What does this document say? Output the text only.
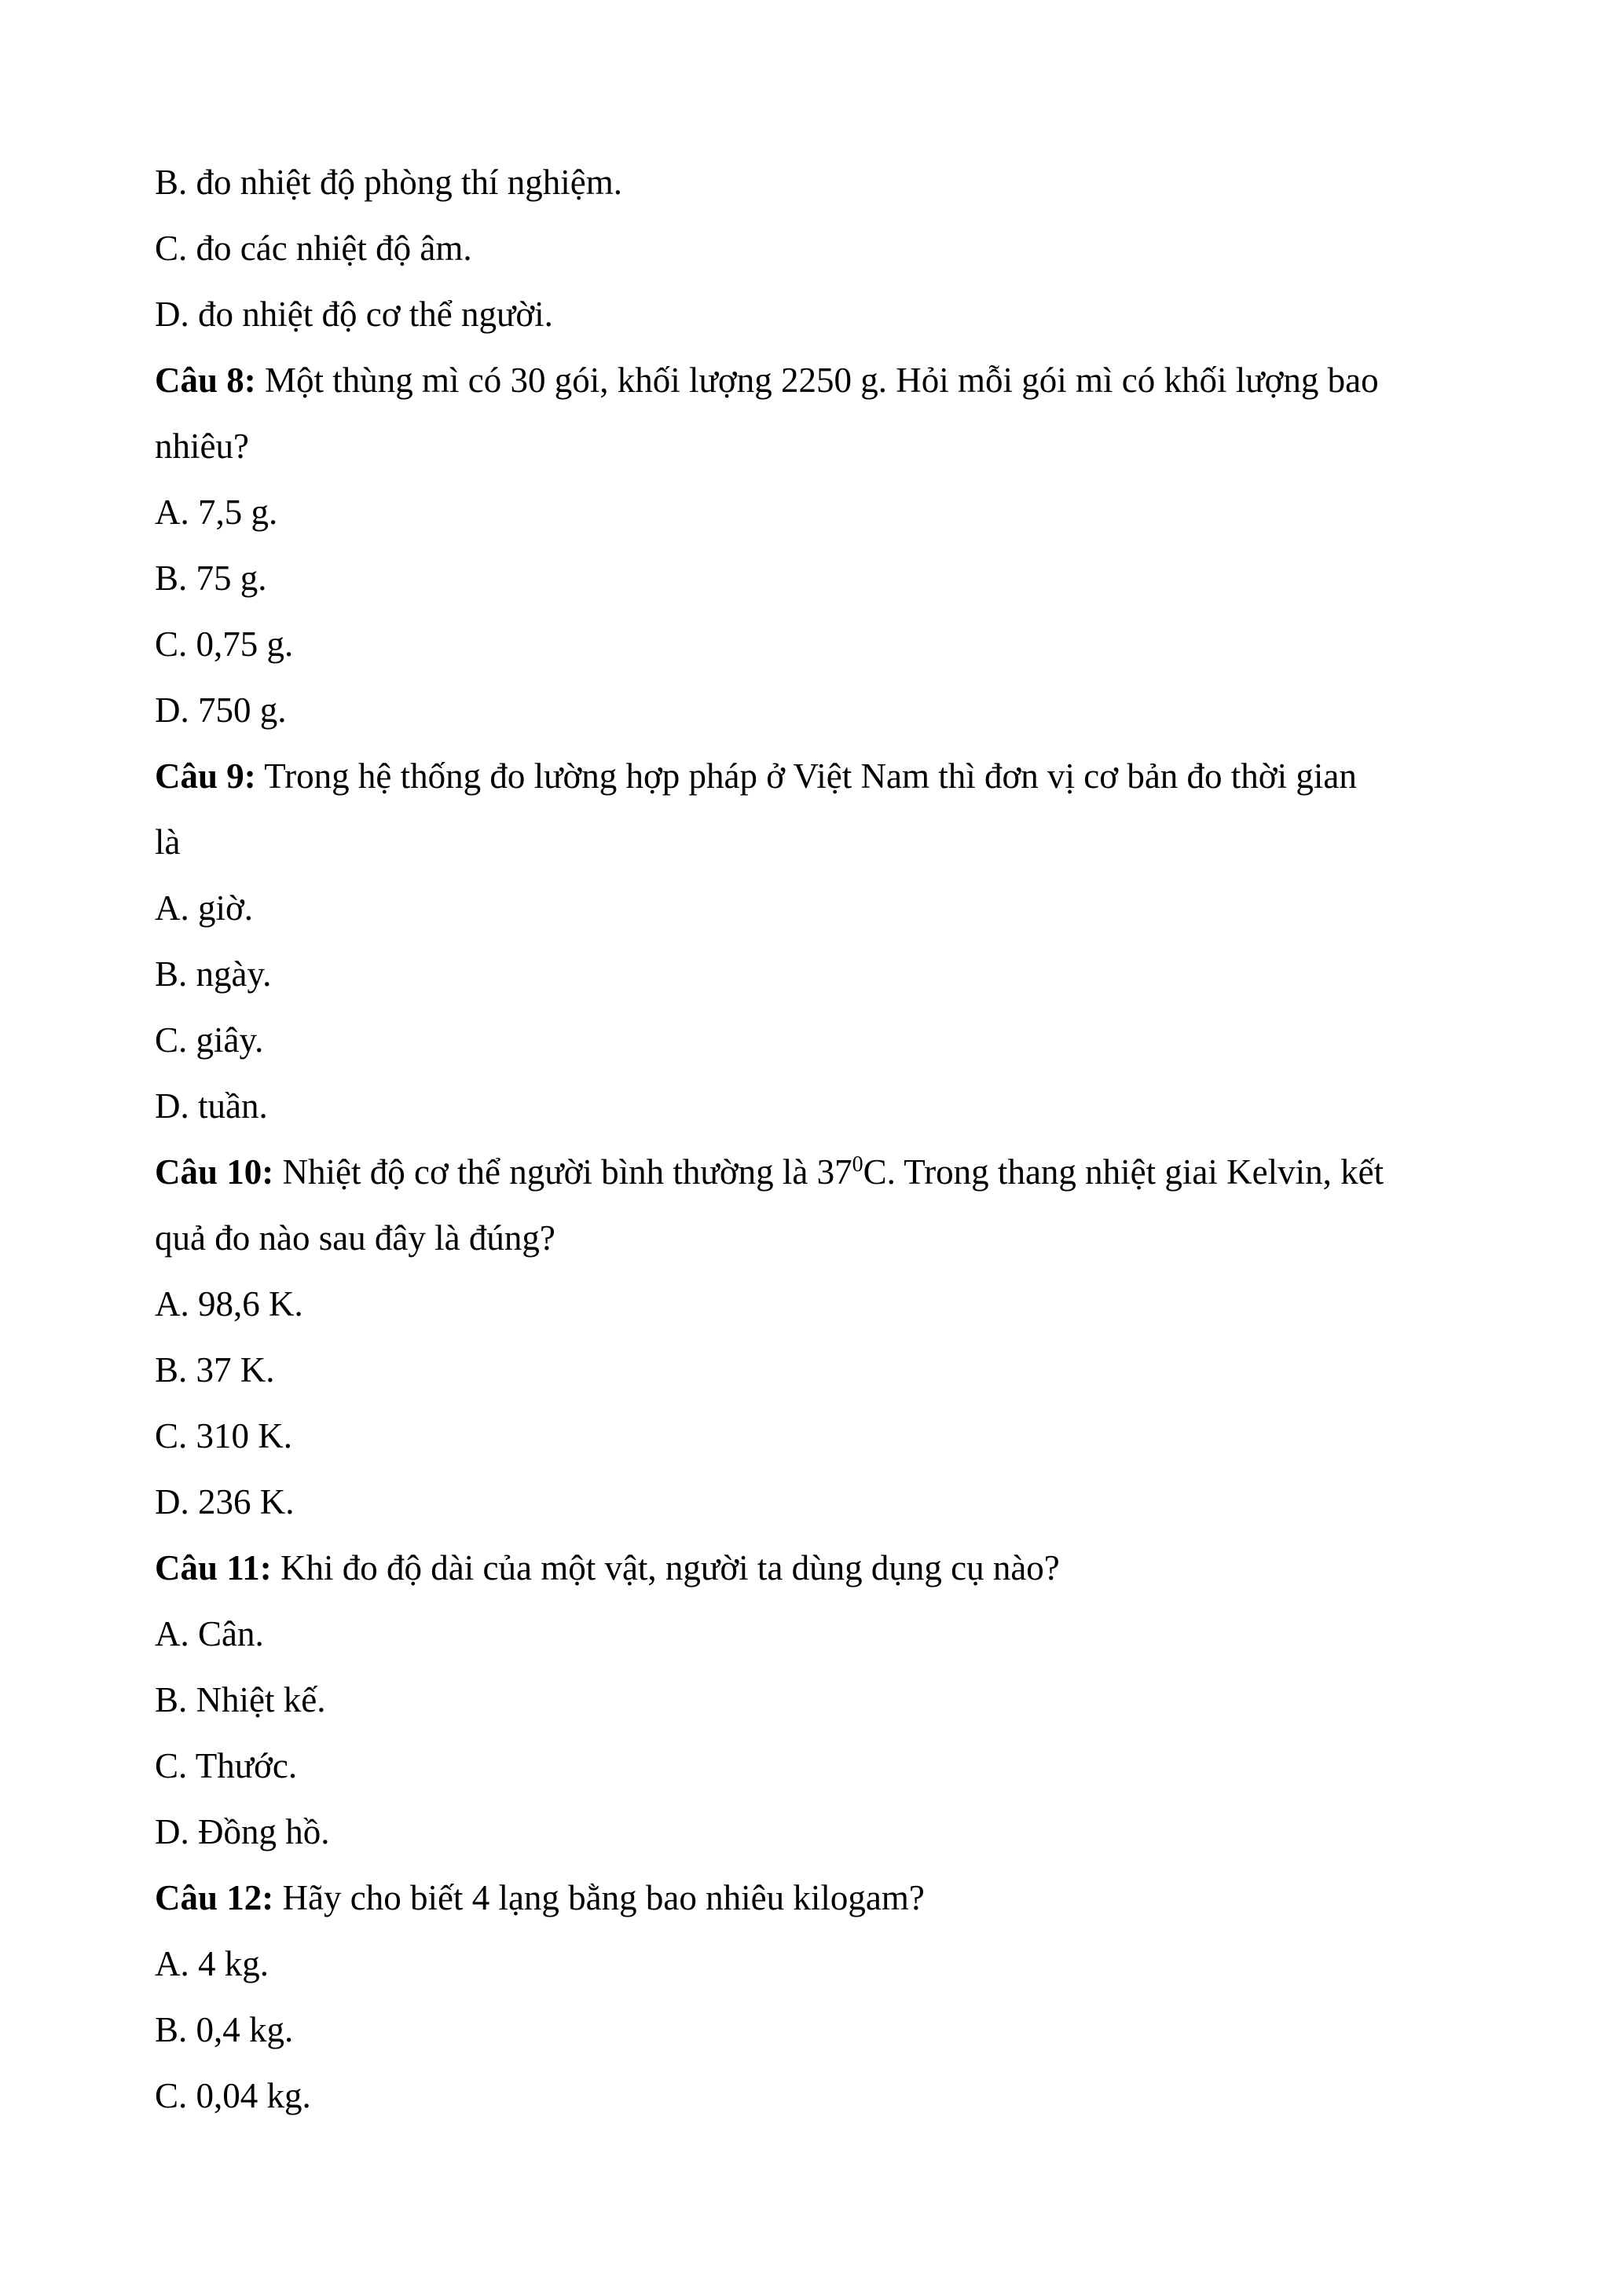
B. đo nhiệt độ phòng thí nghiệm.
C. đo các nhiệt độ âm.
D. đo nhiệt độ cơ thể người.
Câu 8: Một thùng mì có 30 gói, khối lượng 2250 g. Hỏi mỗi gói mì có khối lượng bao
nhiêu?
A. 7,5 g.
B. 75 g.
C. 0,75 g.
D. 750 g.
Câu 9: Trong hệ thống đo lường hợp pháp ở Việt Nam thì đơn vị cơ bản đo thời gian
là
A. giờ.
B. ngày.
C. giây.
D. tuần.
Câu 10: Nhiệt độ cơ thể người bình thường là $37^0C$. Trong thang nhiệt giai Kelvin, kết
quả đo nào sau đây là đúng?
A. 98,6 K.
B. 37 K.
C. 310 K.
D. 236 K.
Câu 11: Khi đo độ dài của một vật, người ta dùng dụng cụ nào?
A. Cân.
B. Nhiệt kế.
C. Thước.
D. Đồng hồ.
Câu 12: Hãy cho biết 4 lạng bằng bao nhiêu kilogam?
A. 4 kg.
B. 0,4 kg.
C. 0,04 kg.
